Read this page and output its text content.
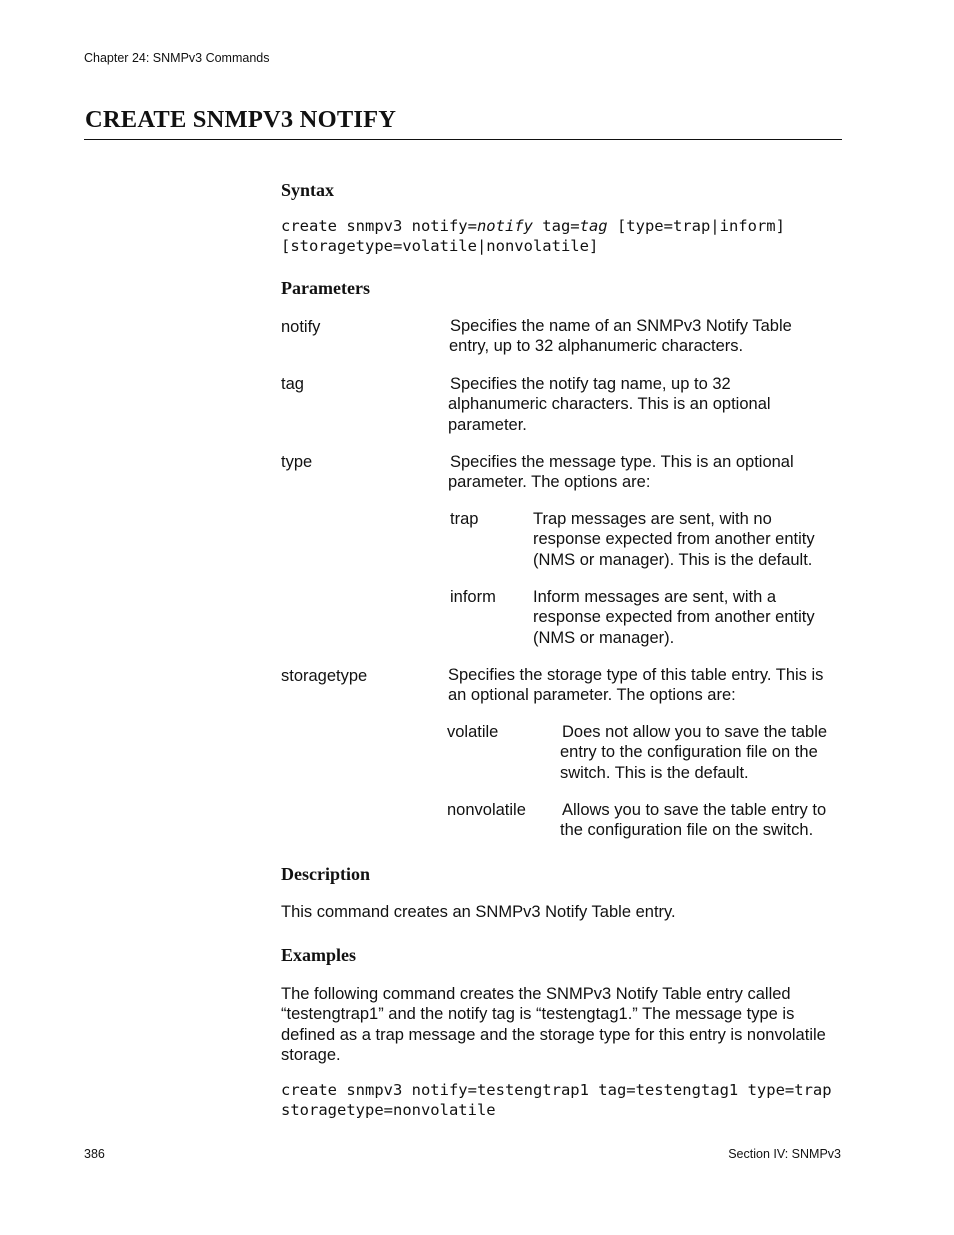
Chapter 24: SNMPv3 Commands
CREATE SNMPV3 NOTIFY
Syntax
create snmpv3 notify=notify tag=tag [type=trap|inform]
[storagetype=volatile|nonvolatile]
Parameters
notify	Specifies the name of an SNMPv3 Notify Table
entry, up to 32 alphanumeric characters.
tag	Specifies the notify tag name, up to 32
alphanumeric characters. This is an optional
parameter.
type	Specifies the message type. This is an optional
parameter. The options are:
trap	Trap messages are sent, with no
response expected from another entity
(NMS or manager). This is the default.
inform Inform messages are sent, with a
response expected from another entity
(NMS or manager).
storagetype	Specifies the storage type of this table entry. This is
an optional parameter. The options are:
volatile	Does not allow you to save the table
entry to the configuration file on the
switch. This is the default.
nonvolatile Allows you to save the table entry to
the configuration file on the switch.
Description
This command creates an SNMPv3 Notify Table entry.
Examples
The following command creates the SNMPv3 Notify Table entry called
“testengtrap1” and the notify tag is “testengtag1.” The message type is
defined as a trap message and the storage type for this entry is nonvolatile
storage.
create snmpv3 notify=testengtrap1 tag=testengtag1 type=trap
storagetype=nonvolatile
386	Section IV: SNMPv3
